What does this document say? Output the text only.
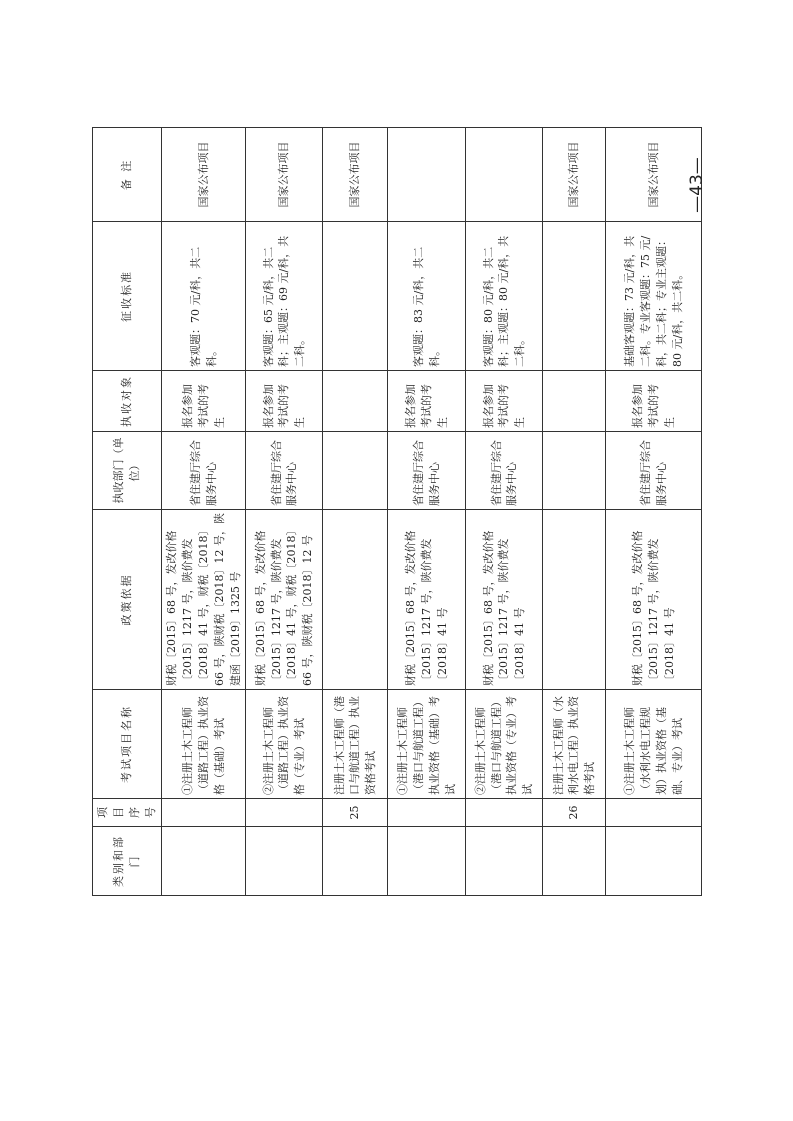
类别和部门	项目序号	考试项目名称	政策依据	执收部门（单位）	执收对象	征收标准	备 注
		①注册土木工程师（道路工程）执业资格（基础）考试	财税〔2015〕68 号，发改价格〔2015〕1217 号，陕价费发〔2018〕41 号，财税〔2018〕66 号，陕财税〔2018〕12 号，陕建函〔2019〕1325 号	省住建厅综合服务中心	报名参加考试的考生	客观题：70 元/科，共二科。	国家公布项目
		②注册土木工程师（道路工程）执业资格（专业）考试	财税〔2015〕68 号，发改价格〔2015〕1217 号，陕价费发〔2018〕41 号，财税〔2018〕66 号，陕财税〔2018〕12 号	省住建厅综合服务中心	报名参加考试的考生	客观题：65 元/科，共二科；主观题：69 元/科，共二科。	国家公布项目
	25	注册土木工程师（港口与航道工程）执业资格考试					国家公布项目
		①注册土木工程师（港口与航道工程）执业资格（基础）考试	财税〔2015〕68 号，发改价格〔2015〕1217 号，陕价费发〔2018〕41 号	省住建厅综合服务中心	报名参加考试的考生	客观题：83 元/科，共二科。	
		②注册土木工程师（港口与航道工程）执业资格（专业）考试	财税〔2015〕68 号，发改价格〔2015〕1217 号，陕价费发〔2018〕41 号	省住建厅综合服务中心	报名参加考试的考生	客观题：80 元/科，共二科；主观题：80 元/科，共二科。	
	26	注册土木工程师（水利水电工程）执业资格考试					国家公布项目
		①注册土木工程师（水利水电工程规划）执业资格（基础、专业）考试	财税〔2015〕68 号，发改价格〔2015〕1217 号，陕价费发〔2018〕41 号	省住建厅综合服务中心	报名参加考试的考生	基础客观题：73 元/科，共二科。专业客观题：75 元/科，共二科；专业主观题：80 元/科，共二科。	国家公布项目 —43—
